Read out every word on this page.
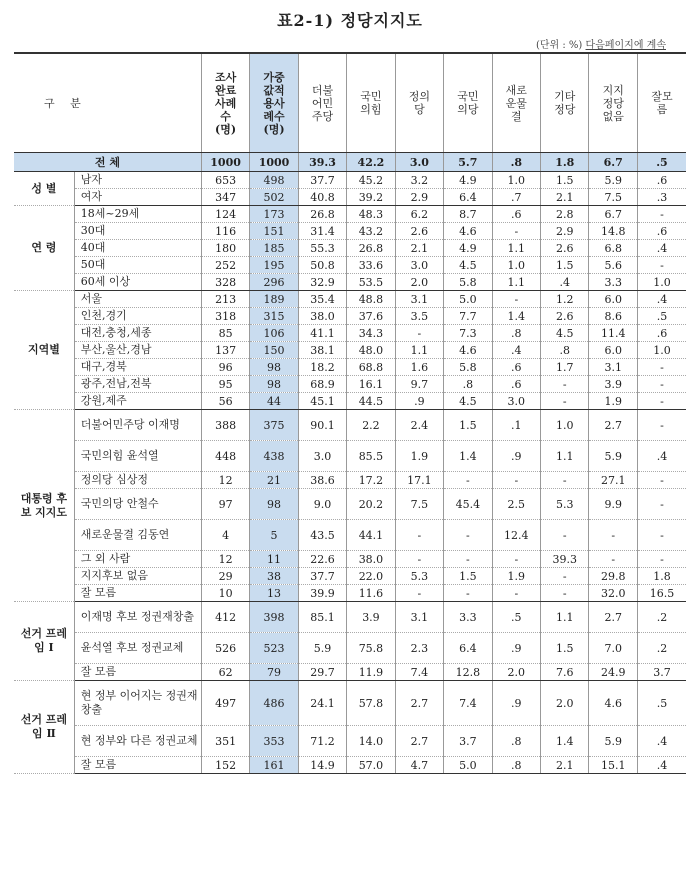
표2-1) 정당지지도
(단위 : %) 다음페이지에 계속
구 분		조사완료사례수(명)	가중값적용사례수(명)	더불어민주당	국민의힘	정의당	국민의당	새로운물결	기타정당	지지정당없음	잘모름
전 체		1000	1000	39.3	42.2	3.0	5.7	.8	1.8	6.7	.5
성 별	남자	653	498	37.7	45.2	3.2	4.9	1.0	1.5	5.9	.6
	여자	347	502	40.8	39.2	2.9	6.4	.7	2.1	7.5	.3
연 령	18세~29세	124	173	26.8	48.3	6.2	8.7	.6	2.8	6.7	-
	30대	116	151	31.4	43.2	2.6	4.6	-	2.9	14.8	.6
	40대	180	185	55.3	26.8	2.1	4.9	1.1	2.6	6.8	.4
	50대	252	195	50.8	33.6	3.0	4.5	1.0	1.5	5.6	-
	60세 이상	328	296	32.9	53.5	2.0	5.8	1.1	.4	3.3	1.0
지역별	서울	213	189	35.4	48.8	3.1	5.0	-	1.2	6.0	.4
	인천,경기	318	315	38.0	37.6	3.5	7.7	1.4	2.6	8.6	.5
	대전,충청,세종	85	106	41.1	34.3	-	7.3	.8	4.5	11.4	.6
	부산,울산,경남	137	150	38.1	48.0	1.1	4.6	.4	.8	6.0	1.0
	대구,경북	96	98	18.2	68.8	1.6	5.8	.6	1.7	3.1	-
	광주,전남,전북	95	98	68.9	16.1	9.7	.8	.6	-	3.9	-
	강원,제주	56	44	45.1	44.5	.9	4.5	3.0	-	1.9	-
대통령 후보 지지도	더불어민주당 이재명	388	375	90.1	2.2	2.4	1.5	.1	1.0	2.7	-
	국민의힘 윤석열	448	438	3.0	85.5	1.9	1.4	.9	1.1	5.9	.4
	정의당 심상정	12	21	38.6	17.2	17.1	-	-	-	27.1	-
	국민의당 안철수	97	98	9.0	20.2	7.5	45.4	2.5	5.3	9.9	-
	새로운물결 김동연	4	5	43.5	44.1	-	-	12.4	-	-	-
	그 외 사람	12	11	22.6	38.0	-	-	-	39.3	-	-
	지지후보 없음	29	38	37.7	22.0	5.3	1.5	1.9	-	29.8	1.8
	잘 모름	10	13	39.9	11.6	-	-	-	-	32.0	16.5
선거 프레임 Ⅰ	이재명 후보 정권재창출	412	398	85.1	3.9	3.1	3.3	.5	1.1	2.7	.2
	윤석열 후보 정권교체	526	523	5.9	75.8	2.3	6.4	.9	1.5	7.0	.2
	잘 모름	62	79	29.7	11.9	7.4	12.8	2.0	7.6	24.9	3.7
선거 프레임 Ⅱ	현 정부 이어지는 정권재창출	497	486	24.1	57.8	2.7	7.4	.9	2.0	4.6	.5
	현 정부와 다른 정권교체	351	353	71.2	14.0	2.7	3.7	.8	1.4	5.9	.4
	잘 모름	152	161	14.9	57.0	4.7	5.0	.8	2.1	15.1	.4
